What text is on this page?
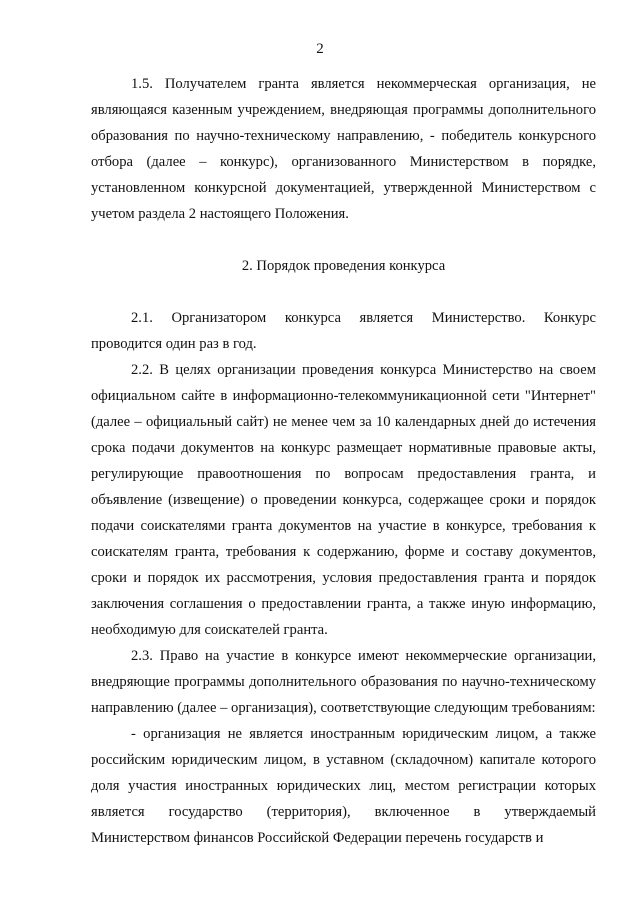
2

1.5. Получателем гранта является некоммерческая организация, не являющаяся казенным учреждением, внедряющая программы дополнительного образования по научно-техническому направлению, - победитель конкурсного отбора (далее – конкурс), организованного Министерством в порядке, установленном конкурсной документацией, утвержденной Министерством с учетом раздела 2 настоящего Положения.

2. Порядок проведения конкурса

2.1. Организатором конкурса является Министерство. Конкурс проводится один раз в год.

2.2. В целях организации проведения конкурса Министерство на своем официальном сайте в информационно-телекоммуникационной сети "Интернет" (далее – официальный сайт) не менее чем за 10 календарных дней до истечения срока подачи документов на конкурс размещает нормативные правовые акты, регулирующие правоотношения по вопросам предоставления гранта, и объявление (извещение) о проведении конкурса, содержащее сроки и порядок подачи соискателями гранта документов на участие в конкурсе, требования к соискателям гранта, требования к содержанию, форме и составу документов, сроки и порядок их рассмотрения, условия предоставления гранта и порядок заключения соглашения о предоставлении гранта, а также иную информацию, необходимую для соискателей гранта.

2.3. Право на участие в конкурсе имеют некоммерческие организации, внедряющие программы дополнительного образования по научно-техническому направлению (далее – организация), соответствующие следующим требованиям:

- организация не является иностранным юридическим лицом, а также российским юридическим лицом, в уставном (складочном) капитале которого доля участия иностранных юридических лиц, местом регистрации которых является государство (территория), включенное в утверждаемый Министерством финансов Российской Федерации перечень государств и
